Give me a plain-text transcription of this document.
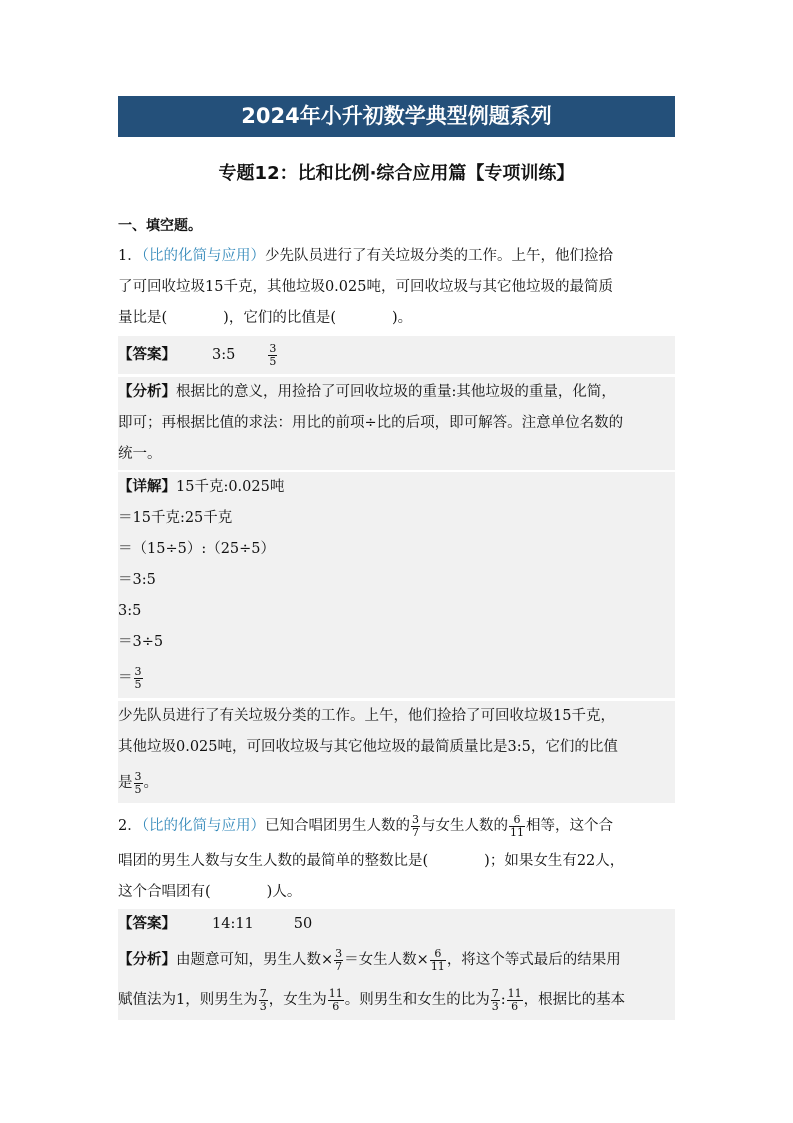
2024年小升初数学典型例题系列
专题12：比和比例·综合应用篇【专项训练】
一、填空题。
1．（比的化简与应用）少先队员进行了有关垃圾分类的工作。上午，他们捡拾
了可回收垃圾15千克，其他垃圾0.025吨，可回收垃圾与其它他垃圾的最简质
量比是(	)，它们的比值是(	)。
【答案】 3:5	$\frac{3}{5}$
【分析】根据比的意义，用捡拾了可回收垃圾的重量:其他垃圾的重量，化简，
即可；再根据比值的求法：用比的前项÷比的后项，即可解答。注意单位名数的
统一。
【详解】15千克:0.025吨
＝15千克:25千克
＝（15÷5）:（25÷5）
＝3:5
3:5
＝3÷5
＝ $\frac{3}{5}$
少先队员进行了有关垃圾分类的工作。上午，他们捡拾了可回收垃圾15千克，
其他垃圾0.025吨，可回收垃圾与其它他垃圾的最简质量比是3:5，它们的比值
是 $\frac{3}{5}$ 。
2．（比的化简与应用）已知合唱团男生人数的 $\frac{3}{7}$ 与女生人数的 $\frac{6}{11}$ 相等，这个合
唱团的男生人数与女生人数的最简单的整数比是(	)；如果女生有22人，
这个合唱团有(	)人。
【答案】 14:11	50
【分析】由题意可知，男生人数× $\frac{3}{7}$ ＝女生人数× $\frac{6}{11}$ ，将这个等式最后的结果用
赋值法为1，则男生为 $\frac{7}{3}$ ，女生为 $\frac{11}{6}$ 。则男生和女生的比为 $\frac{7}{3}$ : $\frac{11}{6}$ ，根据比的基本
